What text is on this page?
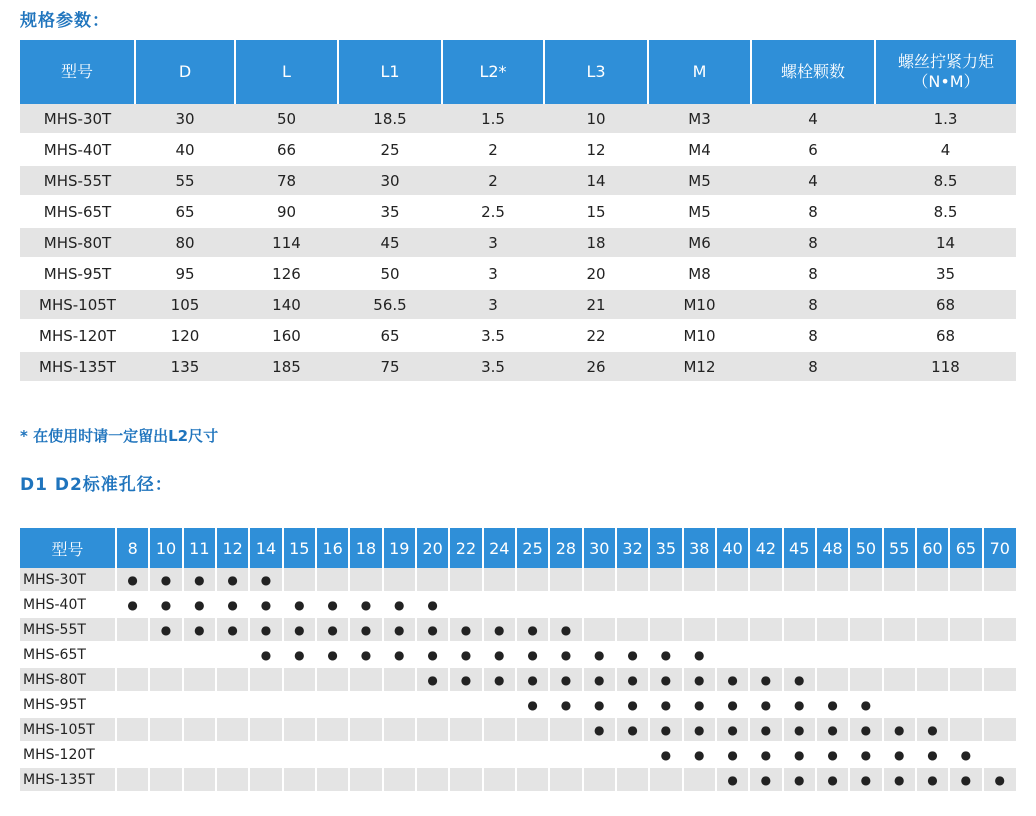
规格参数：
型号	D	L	L1	L2*	L3	M	螺栓颗数	螺丝拧紧力矩
（N•M）
MHS-30T	30	50	18.5	1.5	10	M3	4	1.3
MHS-40T	40	66	25	2	12	M4	6	4
MHS-55T	55	78	30	2	14	M5	4	8.5
MHS-65T	65	90	35	2.5	15	M5	8	8.5
MHS-80T	80	114	45	3	18	M6	8	14
MHS-95T	95	126	50	3	20	M8	8	35
MHS-105T	105	140	56.5	3	21	M10	8	68
MHS-120T	120	160	65	3.5	22	M10	8	68
MHS-135T	135	185	75	3.5	26	M12	8	118
* 在使用时请一定留出L2尺寸
D1 D2标准孔径：
型号	8	10	11	12	14	15	16	18	19	20	22	24	25	28	30	32	35	38	40	42	45	48	50	55	60	65	70
MHS-30T	●	●	●	●	●																						
MHS-40T	●	●	●	●	●	●	●	●	●	●																	
MHS-55T		●	●	●	●	●	●	●	●	●	●	●	●	●													
MHS-65T					●	●	●	●	●	●	●	●	●	●	●	●	●	●									
MHS-80T										●	●	●	●	●	●	●	●	●	●	●	●						
MHS-95T													●	●	●	●	●	●	●	●	●	●	●				
MHS-105T															●	●	●	●	●	●	●	●	●	●	●		
MHS-120T																	●	●	●	●	●	●	●	●	●	●	
MHS-135T																			●	●	●	●	●	●	●	●	●
